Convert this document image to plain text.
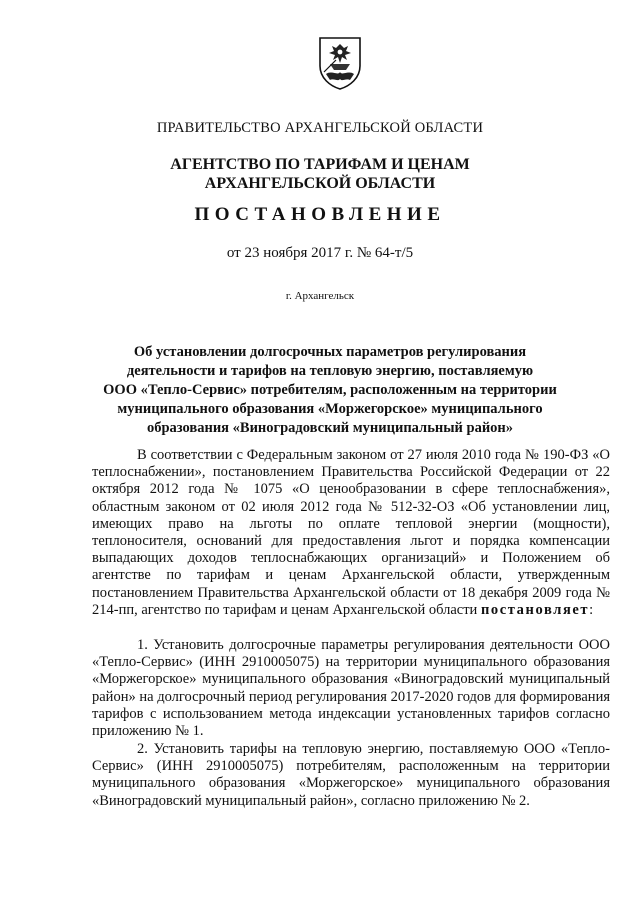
ПРАВИТЕЛЬСТВО АРХАНГЕЛЬСКОЙ ОБЛАСТИ
АГЕНТСТВО ПО ТАРИФАМ И ЦЕНАМ
АРХАНГЕЛЬСКОЙ ОБЛАСТИ
ПОСТАНОВЛЕНИЕ
от 23 ноября 2017 г. № 64-т/5
г. Архангельск
Об установлении долгосрочных параметров регулирования
деятельности и тарифов на тепловую энергию, поставляемую
ООО «Тепло-Сервис» потребителям, расположенным на территории
муниципального образования «Моржегорское» муниципального
образования «Виноградовский муниципальный район»
В соответствии с Федеральным законом от 27 июля 2010 года № 190-ФЗ «О теплоснабжении», постановлением Правительства Российской Федерации от 22 октября 2012 года № 1075 «О ценообразовании в сфере теплоснабжения», областным законом от 02 июля 2012 года № 512-32-ОЗ «Об установлении лиц, имеющих право на льготы по оплате тепловой энергии (мощности), теплоносителя, оснований для предоставления льгот и порядка компенсации выпадающих доходов теплоснабжающих организаций» и Положением об агентстве по тарифам и ценам Архангельской области, утвержденным постановлением Правительства Архангельской области от 18 декабря 2009 года № 214-пп, агентство по тарифам и ценам Архангельской области постановляет:
1. Установить долгосрочные параметры регулирования деятельности ООО «Тепло-Сервис» (ИНН 2910005075) на территории муниципального образования «Моржегорское» муниципального образования «Виноградовский муниципальный район» на долгосрочный период регулирования 2017-2020 годов для формирования тарифов с использованием метода индексации установленных тарифов согласно приложению № 1.
2. Установить тарифы на тепловую энергию, поставляемую ООО «Тепло-Сервис» (ИНН 2910005075) потребителям, расположенным на территории муниципального образования «Моржегорское» муниципального образования «Виноградовский муниципальный район», согласно приложению № 2.
